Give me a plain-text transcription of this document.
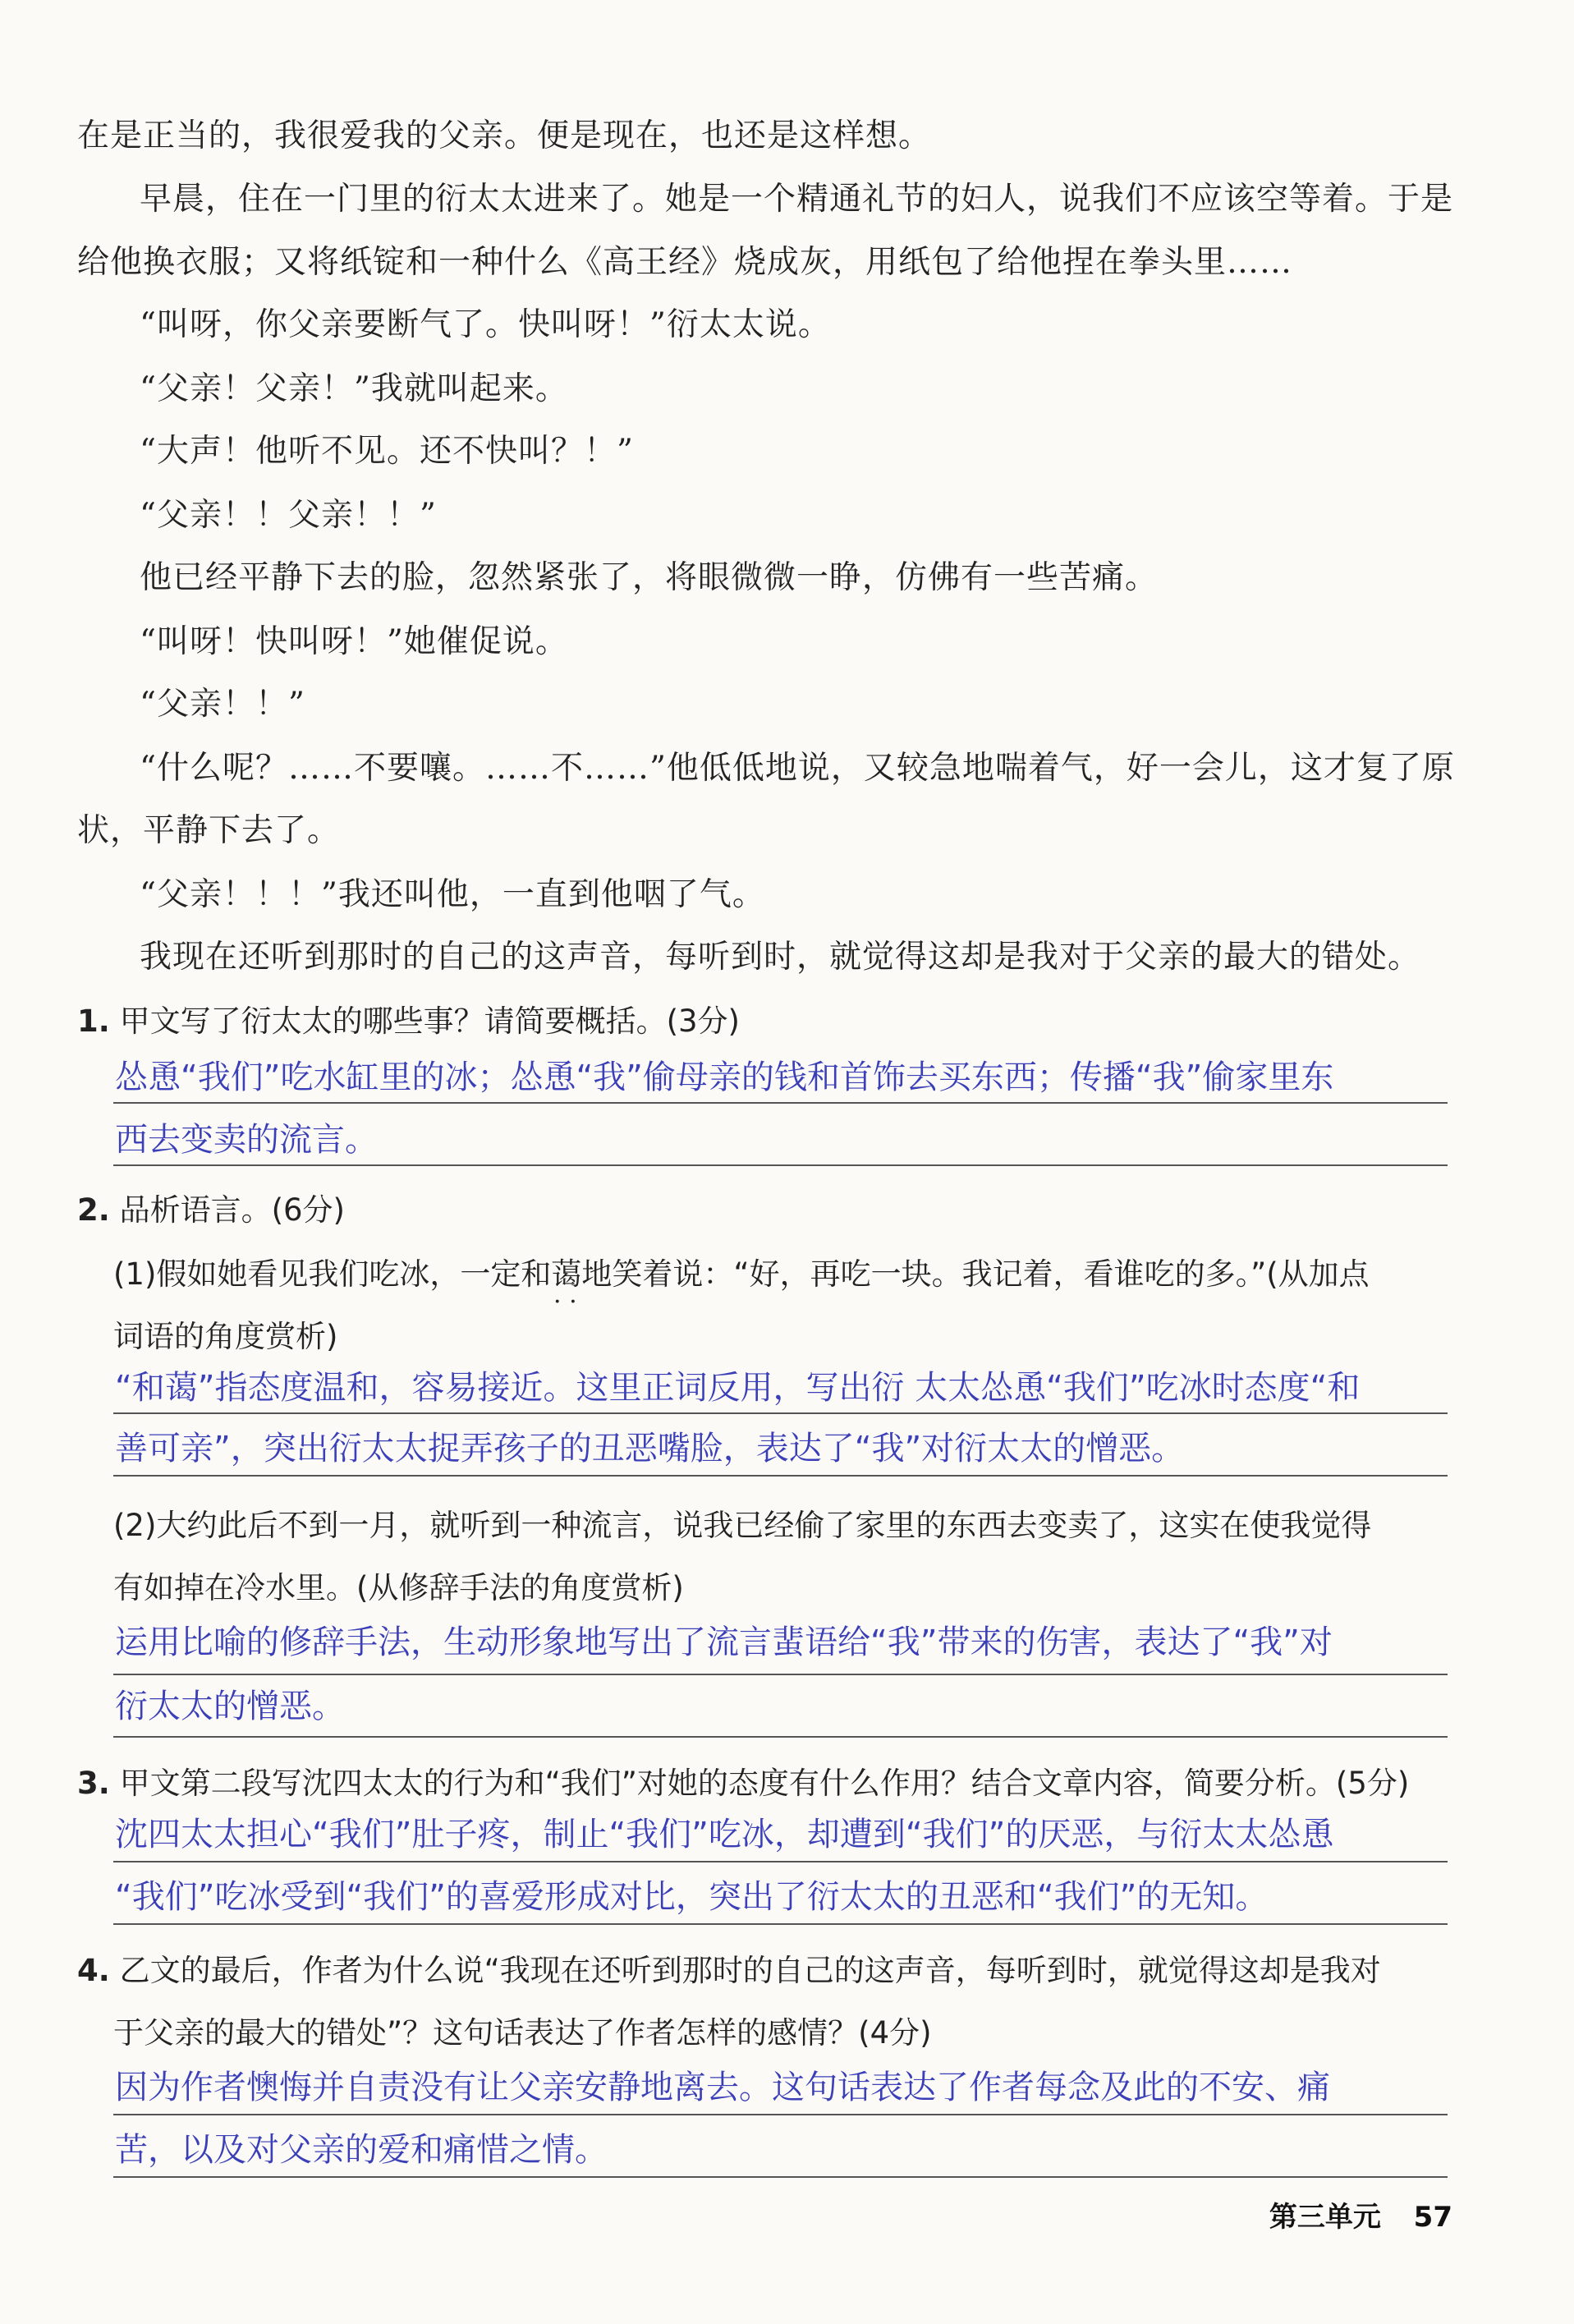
在是正当的，我很爱我的父亲。便是现在，也还是这样想。
早晨，住在一门里的衍太太进来了。她是一个精通礼节的妇人，说我们不应该空等着。于是
给他换衣服；又将纸锭和一种什么《高王经》烧成灰，用纸包了给他捏在拳头里……
“叫呀，你父亲要断气了。快叫呀！”衍太太说。
“父亲！父亲！”我就叫起来。
“大声！他听不见。还不快叫？！”
“父亲！！父亲！！”
他已经平静下去的脸，忽然紧张了，将眼微微一睁，仿佛有一些苦痛。
“叫呀！快叫呀！”她催促说。
“父亲！！”
“什么呢？……不要嚷。……不……”他低低地说，又较急地喘着气，好一会儿，这才复了原
状，平静下去了。
“父亲！！！”我还叫他，一直到他咽了气。
我现在还听到那时的自己的这声音，每听到时，就觉得这却是我对于父亲的最大的错处。
1. 甲文写了衍太太的哪些事？请简要概括。(3分)
怂恿“我们”吃水缸里的冰；怂恿“我”偷母亲的钱和首饰去买东西；传播“我”偷家里东
西去变卖的流言。
2. 品析语言。(6分)
(1)假如她看见我们吃冰，一定和蔼地笑着说：“好，再吃一块。我记着，看谁吃的多。”(从加点
· ·
词语的角度赏析)
“和蔼”指态度温和，容易接近。这里正词反用，写出衍 太太怂恿“我们”吃冰时态度“和
善可亲”，突出衍太太捉弄孩子的丑恶嘴脸，表达了“我”对衍太太的憎恶。
(2)大约此后不到一月，就听到一种流言，说我已经偷了家里的东西去变卖了，这实在使我觉得
有如掉在冷水里。(从修辞手法的角度赏析)
运用比喻的修辞手法，生动形象地写出了流言蜚语给“我”带来的伤害，表达了“我”对
衍太太的憎恶。
3. 甲文第二段写沈四太太的行为和“我们”对她的态度有什么作用？结合文章内容，简要分析。(5分)
沈四太太担心“我们”肚子疼，制止“我们”吃冰，却遭到“我们”的厌恶，与衍太太怂恿
“我们”吃冰受到“我们”的喜爱形成对比，突出了衍太太的丑恶和“我们”的无知。
4. 乙文的最后，作者为什么说“我现在还听到那时的自己的这声音，每听到时，就觉得这却是我对
于父亲的最大的错处”？这句话表达了作者怎样的感情？(4分)
因为作者懊悔并自责没有让父亲安静地离去。这句话表达了作者每念及此的不安、痛
苦，以及对父亲的爱和痛惜之情。
第三单元 57
